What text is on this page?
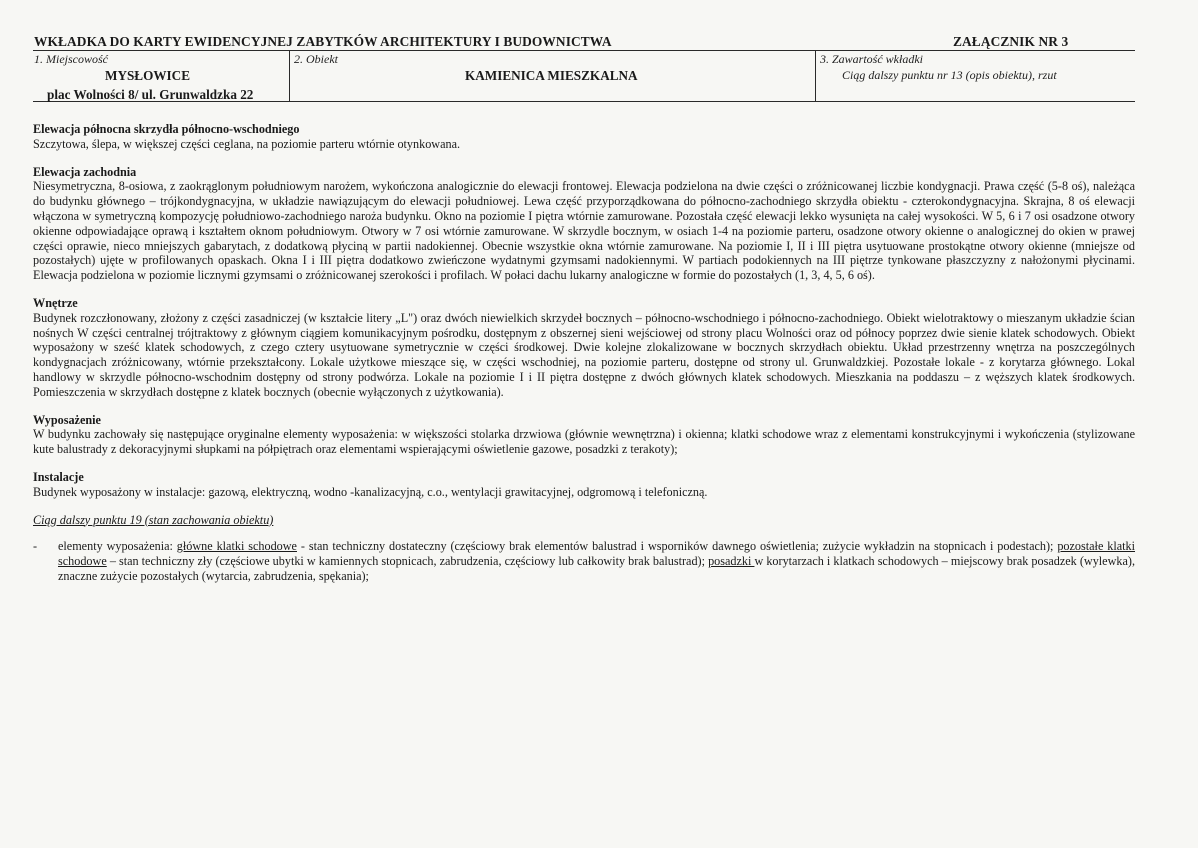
WKŁADKA DO KARTY EWIDENCYJNEJ ZABYTKÓW ARCHITEKTURY I BUDOWNICTWA	ZAŁĄCZNIK NR 3
1. Miejscowość
MYSŁOWICE
plac Wolności 8/ ul. Grunwaldzka 22
2. Obiekt
KAMIENICA MIESZKALNA
3. Zawartość wkładki
Ciąg dalszy punktu nr 13 (opis obiektu), rzut
Elewacja północna skrzydła północno-wschodniego

Szczytowa, ślepa, w większej części ceglana, na poziomie parteru wtórnie otynkowana.

Elewacja zachodnia

Niesymetryczna, 8-osiowa, z zaokrąglonym południowym narożem, wykończona analogicznie do elewacji frontowej. Elewacja podzielona na dwie części o zróżnicowanej liczbie kondygnacji. Prawa część (5-8 oś), należąca do budynku głównego – trójkondygnacyjna, w układzie nawiązującym do elewacji południowej. Lewa część przyporządkowana do północno-zachodniego skrzydła obiektu - czterokondygnacyjna. Skrajna, 8 oś elewacji włączona w symetryczną kompozycję południowo-zachodniego naroża budynku. Okno na poziomie I piętra wtórnie zamurowane. Pozostała część elewacji lekko wysunięta na całej wysokości. W 5, 6 i 7 osi osadzone otwory okienne odpowiadające oprawą i kształtem oknom południowym. Otwory w 7 osi wtórnie zamurowane. W skrzydle bocznym, w osiach 1-4 na poziomie parteru, osadzone otwory okienne o analogicznej do okien w prawej części oprawie, nieco mniejszych gabarytach, z dodatkową płyciną w partii nadokiennej. Obecnie wszystkie okna wtórnie zamurowane. Na poziomie I, II i III piętra usytuowane prostokątne otwory okienne (mniejsze od pozostałych) ujęte w profilowanych opaskach. Okna I i III piętra dodatkowo zwieńczone wydatnymi gzymsami nadokiennymi. W partiach podokiennych na III piętrze tynkowane płaszczyzny z nałożonymi płycinami. Elewacja podzielona w poziomie licznymi gzymsami o zróżnicowanej szerokości i profilach. W połaci dachu lukarny analogiczne w formie do pozostałych (1, 3, 4, 5, 6 oś).

Wnętrze

Budynek rozczłonowany, złożony z części zasadniczej (w kształcie litery „L") oraz dwóch niewielkich skrzydeł bocznych – północno-wschodniego i północno-zachodniego. Obiekt wielotraktowy o mieszanym układzie ścian nośnych W części centralnej trójtraktowy z głównym ciągiem komunikacyjnym pośrodku, dostępnym z obszernej sieni wejściowej od strony placu Wolności oraz od północy poprzez dwie sienie klatek schodowych. Obiekt wyposażony w sześć klatek schodowych, z czego cztery usytuowane symetrycznie w części środkowej. Dwie kolejne zlokalizowane w bocznych skrzydłach obiektu. Układ przestrzenny wnętrza na poszczególnych kondygnacjach zróżnicowany, wtórnie przekształcony. Lokale użytkowe mieszące się, w części wschodniej, na poziomie parteru, dostępne od strony ul. Grunwaldzkiej. Pozostałe lokale - z korytarza głównego. Lokal handlowy w skrzydle północno-wschodnim dostępny od strony podwórza. Lokale na poziomie I i II piętra dostępne z dwóch głównych klatek schodowych. Mieszkania na poddaszu – z węższych klatek środkowych. Pomieszczenia w skrzydłach dostępne z klatek bocznych (obecnie wyłączonych z użytkowania).

Wyposażenie

W budynku zachowały się następujące oryginalne elementy wyposażenia: w większości stolarka drzwiowa (głównie wewnętrzna) i okienna; klatki schodowe wraz z elementami konstrukcyjnymi i wykończenia (stylizowane kute balustrady z dekoracyjnymi słupkami na półpiętrach oraz elementami wspierającymi oświetlenie gazowe, posadzki z terakoty);

Instalacje

Budynek wyposażony w instalacje: gazową, elektryczną, wodno -kanalizacyjną, c.o., wentylacji grawitacyjnej, odgromową i telefoniczną.

Ciąg dalszy punktu 19 (stan zachowania obiektu)
- elementy wyposażenia: główne klatki schodowe - stan techniczny dostateczny (częściowy brak elementów balustrad i wsporników dawnego oświetlenia; zużycie wykładzin na stopnicach i podestach); pozostałe klatki schodowe – stan techniczny zły (częściowe ubytki w kamiennych stopnicach, zabrudzenia, częściowy lub całkowity brak balustrad); posadzki w korytarzach i klatkach schodowych – miejscowy brak posadzek (wylewka), znaczne zużycie pozostałych (wytarcia, zabrudzenia, spękania);
